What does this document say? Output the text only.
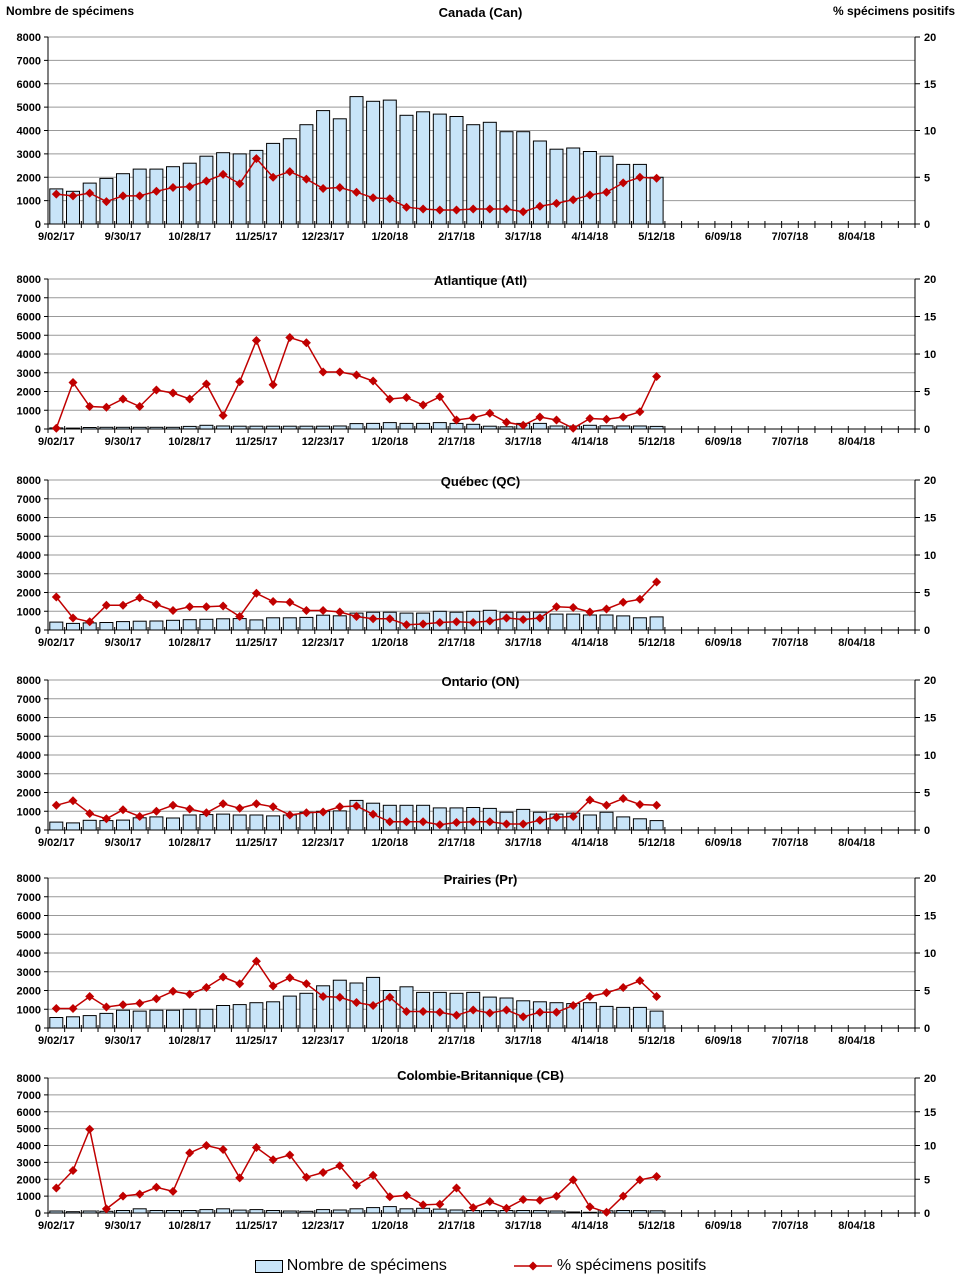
Nombre de spécimens	% spécimens positifs
8000
7000
6000
5000
4000
3000
2000
1000
0
20
15
10
5
0
9/02/17	9/30/17 10/28/17 11/25/17 12/23/17 1/20/18	2/17/18	3/17/18	4/14/18	5/12/18	6/09/18	7/07/18	8/04/18
Canada (Can)
8000
7000
6000
5000
4000
3000
2000
1000
0
20
15
10
5
0
9/02/17	9/30/17 10/28/17 11/25/17 12/23/17 1/20/18	2/17/18	3/17/18	4/14/18	5/12/18	6/09/18	7/07/18	8/04/18
Atlantique (Atl)
8000
7000
6000
5000
4000
3000
2000
1000
0
20
15
10
5
0
9/02/17	9/30/17 10/28/17 11/25/17 12/23/17 1/20/18	2/17/18	3/17/18	4/14/18	5/12/18	6/09/18	7/07/18	8/04/18
Québec (QC)
8000
7000
6000
5000
4000
3000
2000
1000
0
20
15
10
5
0
9/02/17	9/30/17 10/28/17 11/25/17 12/23/17 1/20/18	2/17/18	3/17/18	4/14/18	5/12/18	6/09/18	7/07/18	8/04/18
Ontario (ON)
8000
7000
6000
5000
4000
3000
2000
1000
0
20
15
10
5
0
9/02/17	9/30/17 10/28/17 11/25/17 12/23/17 1/20/18	2/17/18	3/17/18	4/14/18	5/12/18	6/09/18	7/07/18	8/04/18
Prairies (Pr)
8000
7000
6000
5000
4000
3000
2000
1000
0
20
15
10
5
0
9/02/17	9/30/17 10/28/17 11/25/17 12/23/17 1/20/18	2/17/18	3/17/18	4/14/18	5/12/18	6/09/18	7/07/18	8/04/18
Colombie-Britannique (CB)
Nombre de spécimens	% spécimens positifs
